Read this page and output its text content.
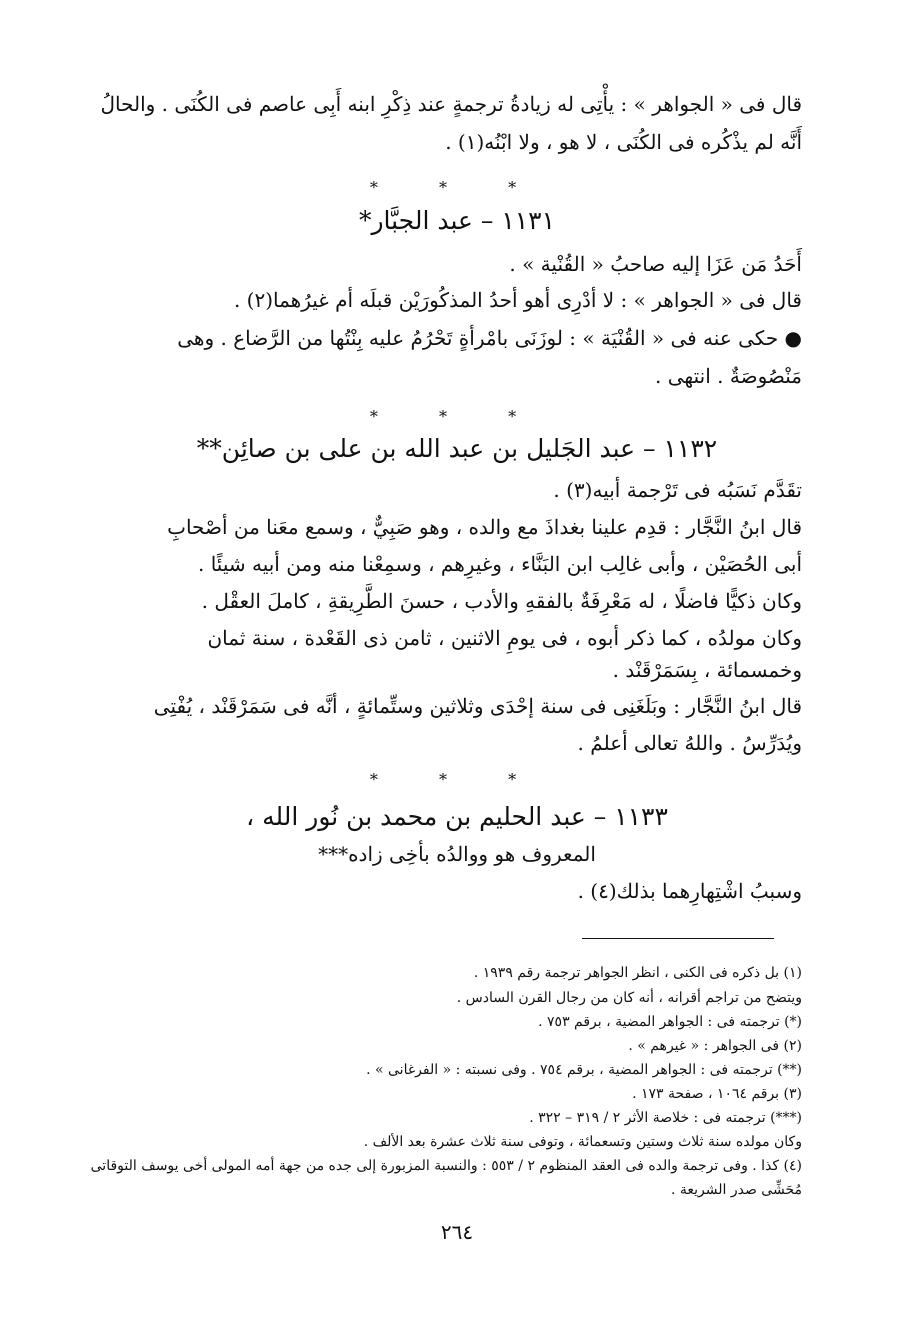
قال فى « الجواهر » : يأْتِى له زيادةُ ترجمةٍ عند ذِكْرِ ابنه أَبِى عاصم فى الكُنَى . والحالُ
أَنَّه لم يذْكُره فى الكُنَى ، لا هو ، ولا ابْنُه(١) .
* * *
١١٣١ – عبد الجبَّار*
أَحَدُ مَن عَزَا إليه صاحبُ « القُنْية » .
قال فى « الجواهر » : لا أدْرِى أهو أحدُ المذكُورَيْن قبلَه أم غيرُهما(٢) .
● حكى عنه فى « القُنْيَة » : لوزَنَى بامْرأةٍ تَحْرُمُ عليه بِنْتُها من الرَّضاع . وهى
مَنْصُوصَةٌ . انتهى .
* * *
١١٣٢ – عبد الجَليل بن عبد الله بن على بن صائِن**
تقَدَّم نَسَبُه فى تَرْجمة أبيه(٣) .
قال ابنُ النَّجَّار : قدِم علينا بغداذَ مع والده ، وهو صَبِيٌّ ، وسمع معَنا من أصْحابِ
أبى الحُصَيْن ، وأبى غالِب ابن البَنَّاء ، وغيرِهم ، وسمِعْنا منه ومن أبيه شيئًا .
وكان ذكيًّا فاضلًا ، له مَعْرِفَةٌ بالفقهِ والأدب ، حسنَ الطَّرِيقةِ ، كاملَ العقْل .
وكان مولدُه ، كما ذكر أبوه ، فى يومِ الاثنين ، ثامن ذى القَعْدة ، سنة ثمان
وخمسمائة ، بِسَمَرْقَنْد .
قال ابنُ النَّجَّار : وبَلَغَنِى فى سنة إحْدَى وثلاثين وستِّمائةٍ ، أنَّه فى سَمَرْقَنْد ، يُفْتِى
ويُدَرِّسُ . واللهُ تعالى أعلمُ .
* * *
١١٣٣ – عبد الحليم بن محمد بن نُور الله ،
المعروف هو ووالدُه بأخِى زاده***
وسببُ اشْتِهارِهما بذلك(٤) .
(١) بل ذكره فى الكنى ، انظر الجواهر ترجمة رقم ١٩٣٩ .
ويتضح من تراجم أقرانه ، أنه كان من رجال القرن السادس .
(*) ترجمته فى : الجواهر المضية ، برقم ٧٥٣ .
(٢) فى الجواهر : « غيرهم » .
(**) ترجمته فى : الجواهر المضية ، برقم ٧٥٤ . وفى نسبته : « الفرغانى » .
(٣) برقم ١٠٦٤ ، صفحة ١٧٣ .
(***) ترجمته فى : خلاصة الأثر ٢ / ٣١٩ – ٣٢٢ .
وكان مولده سنة ثلاث وستين وتسعمائة ، وتوفى سنة ثلاث عشرة بعد الألف .
(٤) كذا . وفى ترجمة والده فى العقد المنظوم ٢ / ٥٥٣ : والنسبة المزبورة إلى جده من جهة أمه المولى أخى يوسف التوقاتى
مُحَشِّى صدر الشريعة .
٢٦٤
